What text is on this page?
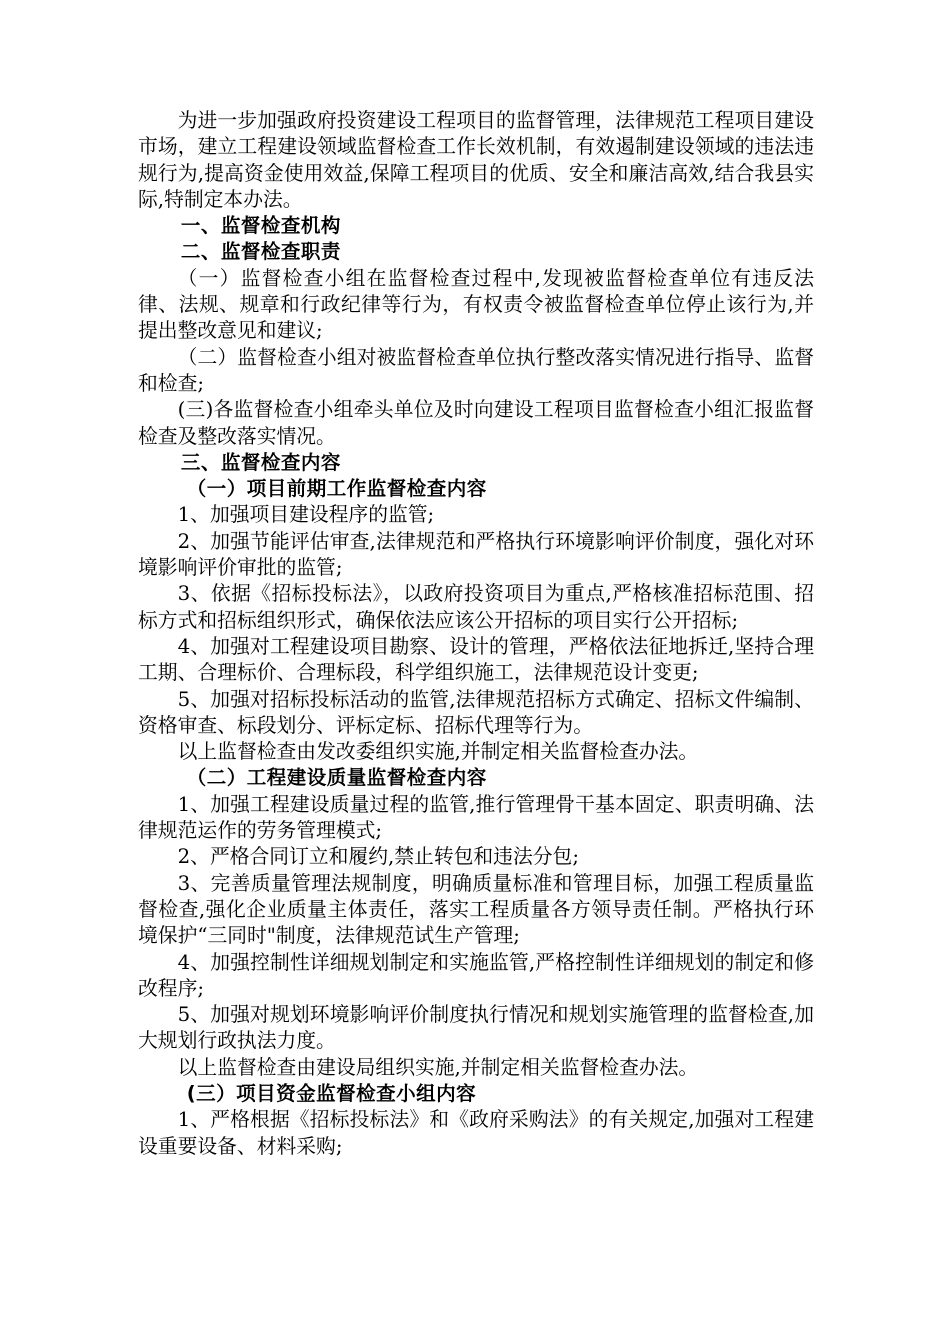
为进一步加强政府投资建设工程项目的监督管理，法律规范工程项目建设市场，建立工程建设领域监督检查工作长效机制，有效遏制建设领域的违法违规行为,提高资金使用效益,保障工程项目的优质、安全和廉洁高效,结合我县实际,特制定本办法。

一、监督检查机构

二、监督检查职责

（一）监督检查小组在监督检查过程中,发现被监督检查单位有违反法律、法规、规章和行政纪律等行为，有权责令被监督检查单位停止该行为,并提出整改意见和建议;

（二）监督检查小组对被监督检查单位执行整改落实情况进行指导、监督和检查;

(三)各监督检查小组牵头单位及时向建设工程项目监督检查小组汇报监督检查及整改落实情况。

三、监督检查内容

（一）项目前期工作监督检查内容

1、加强项目建设程序的监管;

2、加强节能评估审查,法律规范和严格执行环境影响评价制度，强化对环境影响评价审批的监管;

3、依据《招标投标法》，以政府投资项目为重点,严格核准招标范围、招标方式和招标组织形式，确保依法应该公开招标的项目实行公开招标;

4、加强对工程建设项目勘察、设计的管理，严格依法征地拆迁,坚持合理工期、合理标价、合理标段，科学组织施工，法律规范设计变更;

5、加强对招标投标活动的监管,法律规范招标方式确定、招标文件编制、资格审查、标段划分、评标定标、招标代理等行为。

以上监督检查由发改委组织实施,并制定相关监督检查办法。

（二）工程建设质量监督检查内容

1、加强工程建设质量过程的监管,推行管理骨干基本固定、职责明确、法律规范运作的劳务管理模式;

2、严格合同订立和履约,禁止转包和违法分包;

3、完善质量管理法规制度，明确质量标准和管理目标，加强工程质量监督检查,强化企业质量主体责任，落实工程质量各方领导责任制。严格执行环境保护“三同时"制度，法律规范试生产管理;

4、加强控制性详细规划制定和实施监管,严格控制性详细规划的制定和修改程序;

5、加强对规划环境影响评价制度执行情况和规划实施管理的监督检查,加大规划行政执法力度。

以上监督检查由建设局组织实施,并制定相关监督检查办法。

(三）项目资金监督检查小组内容

1、严格根据《招标投标法》和《政府采购法》的有关规定,加强对工程建设重要设备、材料采购;
